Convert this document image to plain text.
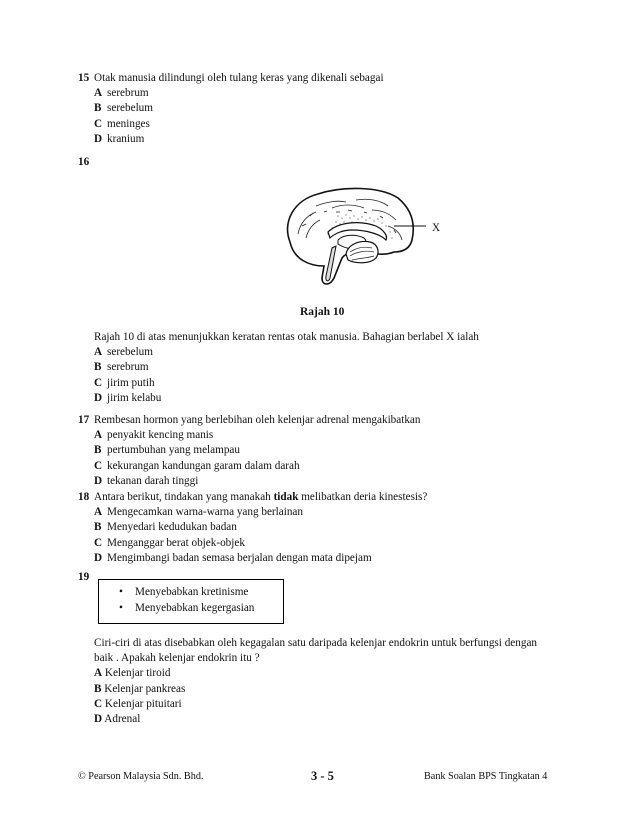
15 Otak manusia dilindungi oleh tulang keras yang dikenali sebagai
A serebrum
B serebelum
C meninges
D kranium
16
X
Rajah 10
Rajah 10 di atas menunjukkan keratan rentas otak manusia. Bahagian berlabel X ialah
A serebelum
B serebrum
C jirim putih
D jirim kelabu
17 Rembesan hormon yang berlebihan oleh kelenjar adrenal mengakibatkan
A penyakit kencing manis
B pertumbuhan yang melampau
C kekurangan kandungan garam dalam darah
D tekanan darah tinggi
18 Antara berikut, tindakan yang manakah tidak melibatkan deria kinestesis?
A Mengecamkan warna-warna yang berlainan
B Menyedari kedudukan badan
C Menganggar berat objek-objek
D Mengimbangi badan semasa berjalan dengan mata dipejam
19
• Menyebabkan kretinisme
• Menyebabkan kegergasian
Ciri-ciri di atas disebabkan oleh kegagalan satu daripada kelenjar endokrin untuk berfungsi dengan
baik . Apakah kelenjar endokrin itu ?
A Kelenjar tiroid
B Kelenjar pankreas
C Kelenjar pituitari
D Adrenal
© Pearson Malaysia Sdn. Bhd.	3 - 5	Bank Soalan BPS Tingkatan 4
